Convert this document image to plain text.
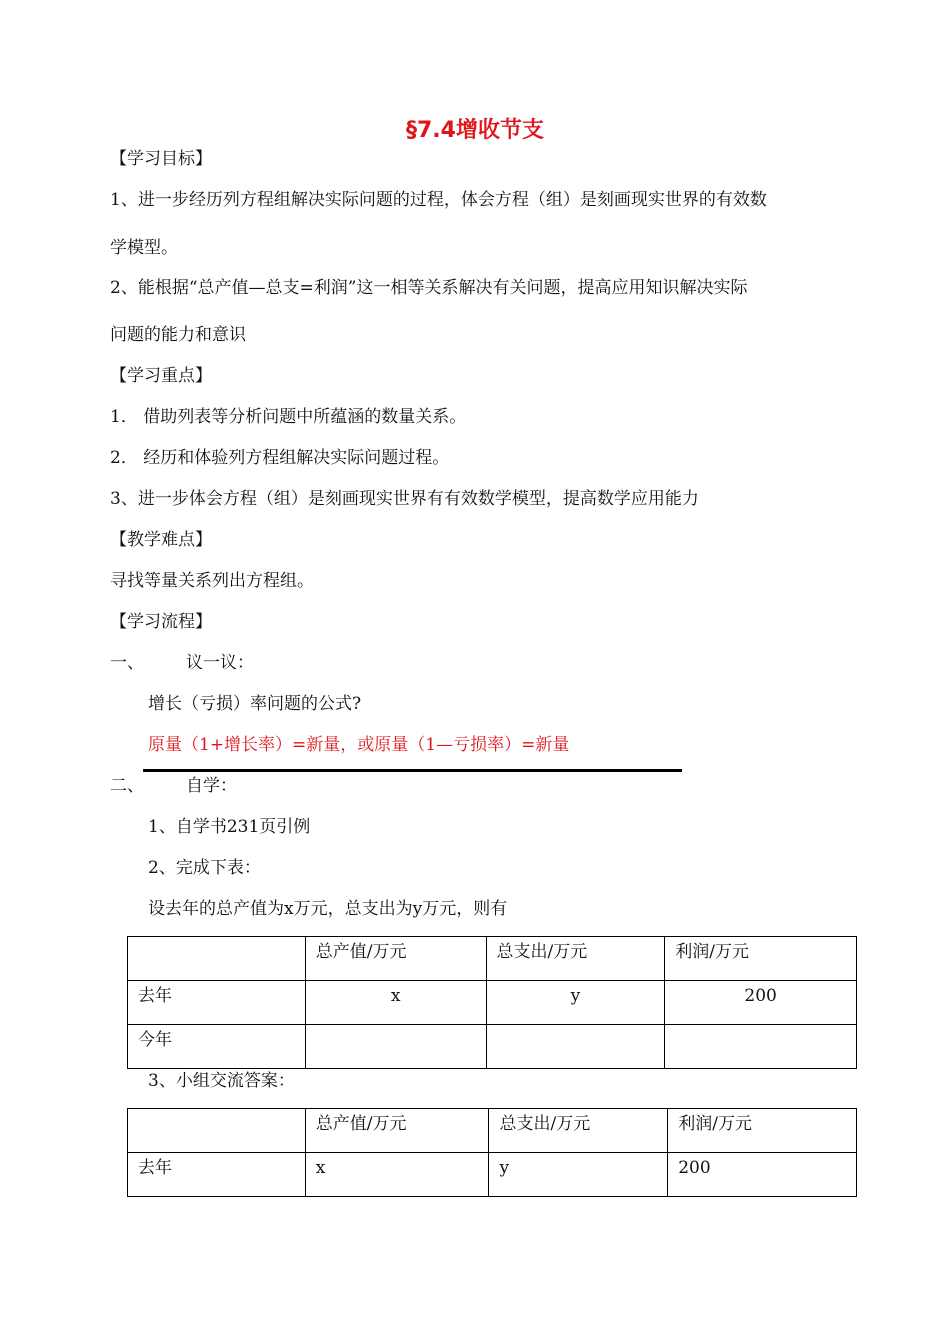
§7.4增收节支
【学习目标】
1、进一步经历列方程组解决实际问题的过程，体会方程（组）是刻画现实世界的有效数
学模型。
2、能根据“总产值—总支=利润”这一相等关系解决有关问题，提高应用知识解决实际
问题的能力和意识
【学习重点】
1． 借助列表等分析问题中所蕴涵的数量关系。
2． 经历和体验列方程组解决实际问题过程。
3、进一步体会方程（组）是刻画现实世界有有效数学模型，提高数学应用能力
【教学难点】
寻找等量关系列出方程组。
【学习流程】
一、 议一议：
增长（亏损）率问题的公式?
原量（1+增长率）=新量，或原量（1—亏损率）=新量
二、 自学：
1、自学书231页引例
2、完成下表：
设去年的总产值为x万元，总支出为y万元，则有

	总产值/万元	总支出/万元	利润/万元

去年	x	y	200

今年			

3、小组交流答案：

	总产值/万元	总支出/万元	利润/万元

去年	x	y	200
